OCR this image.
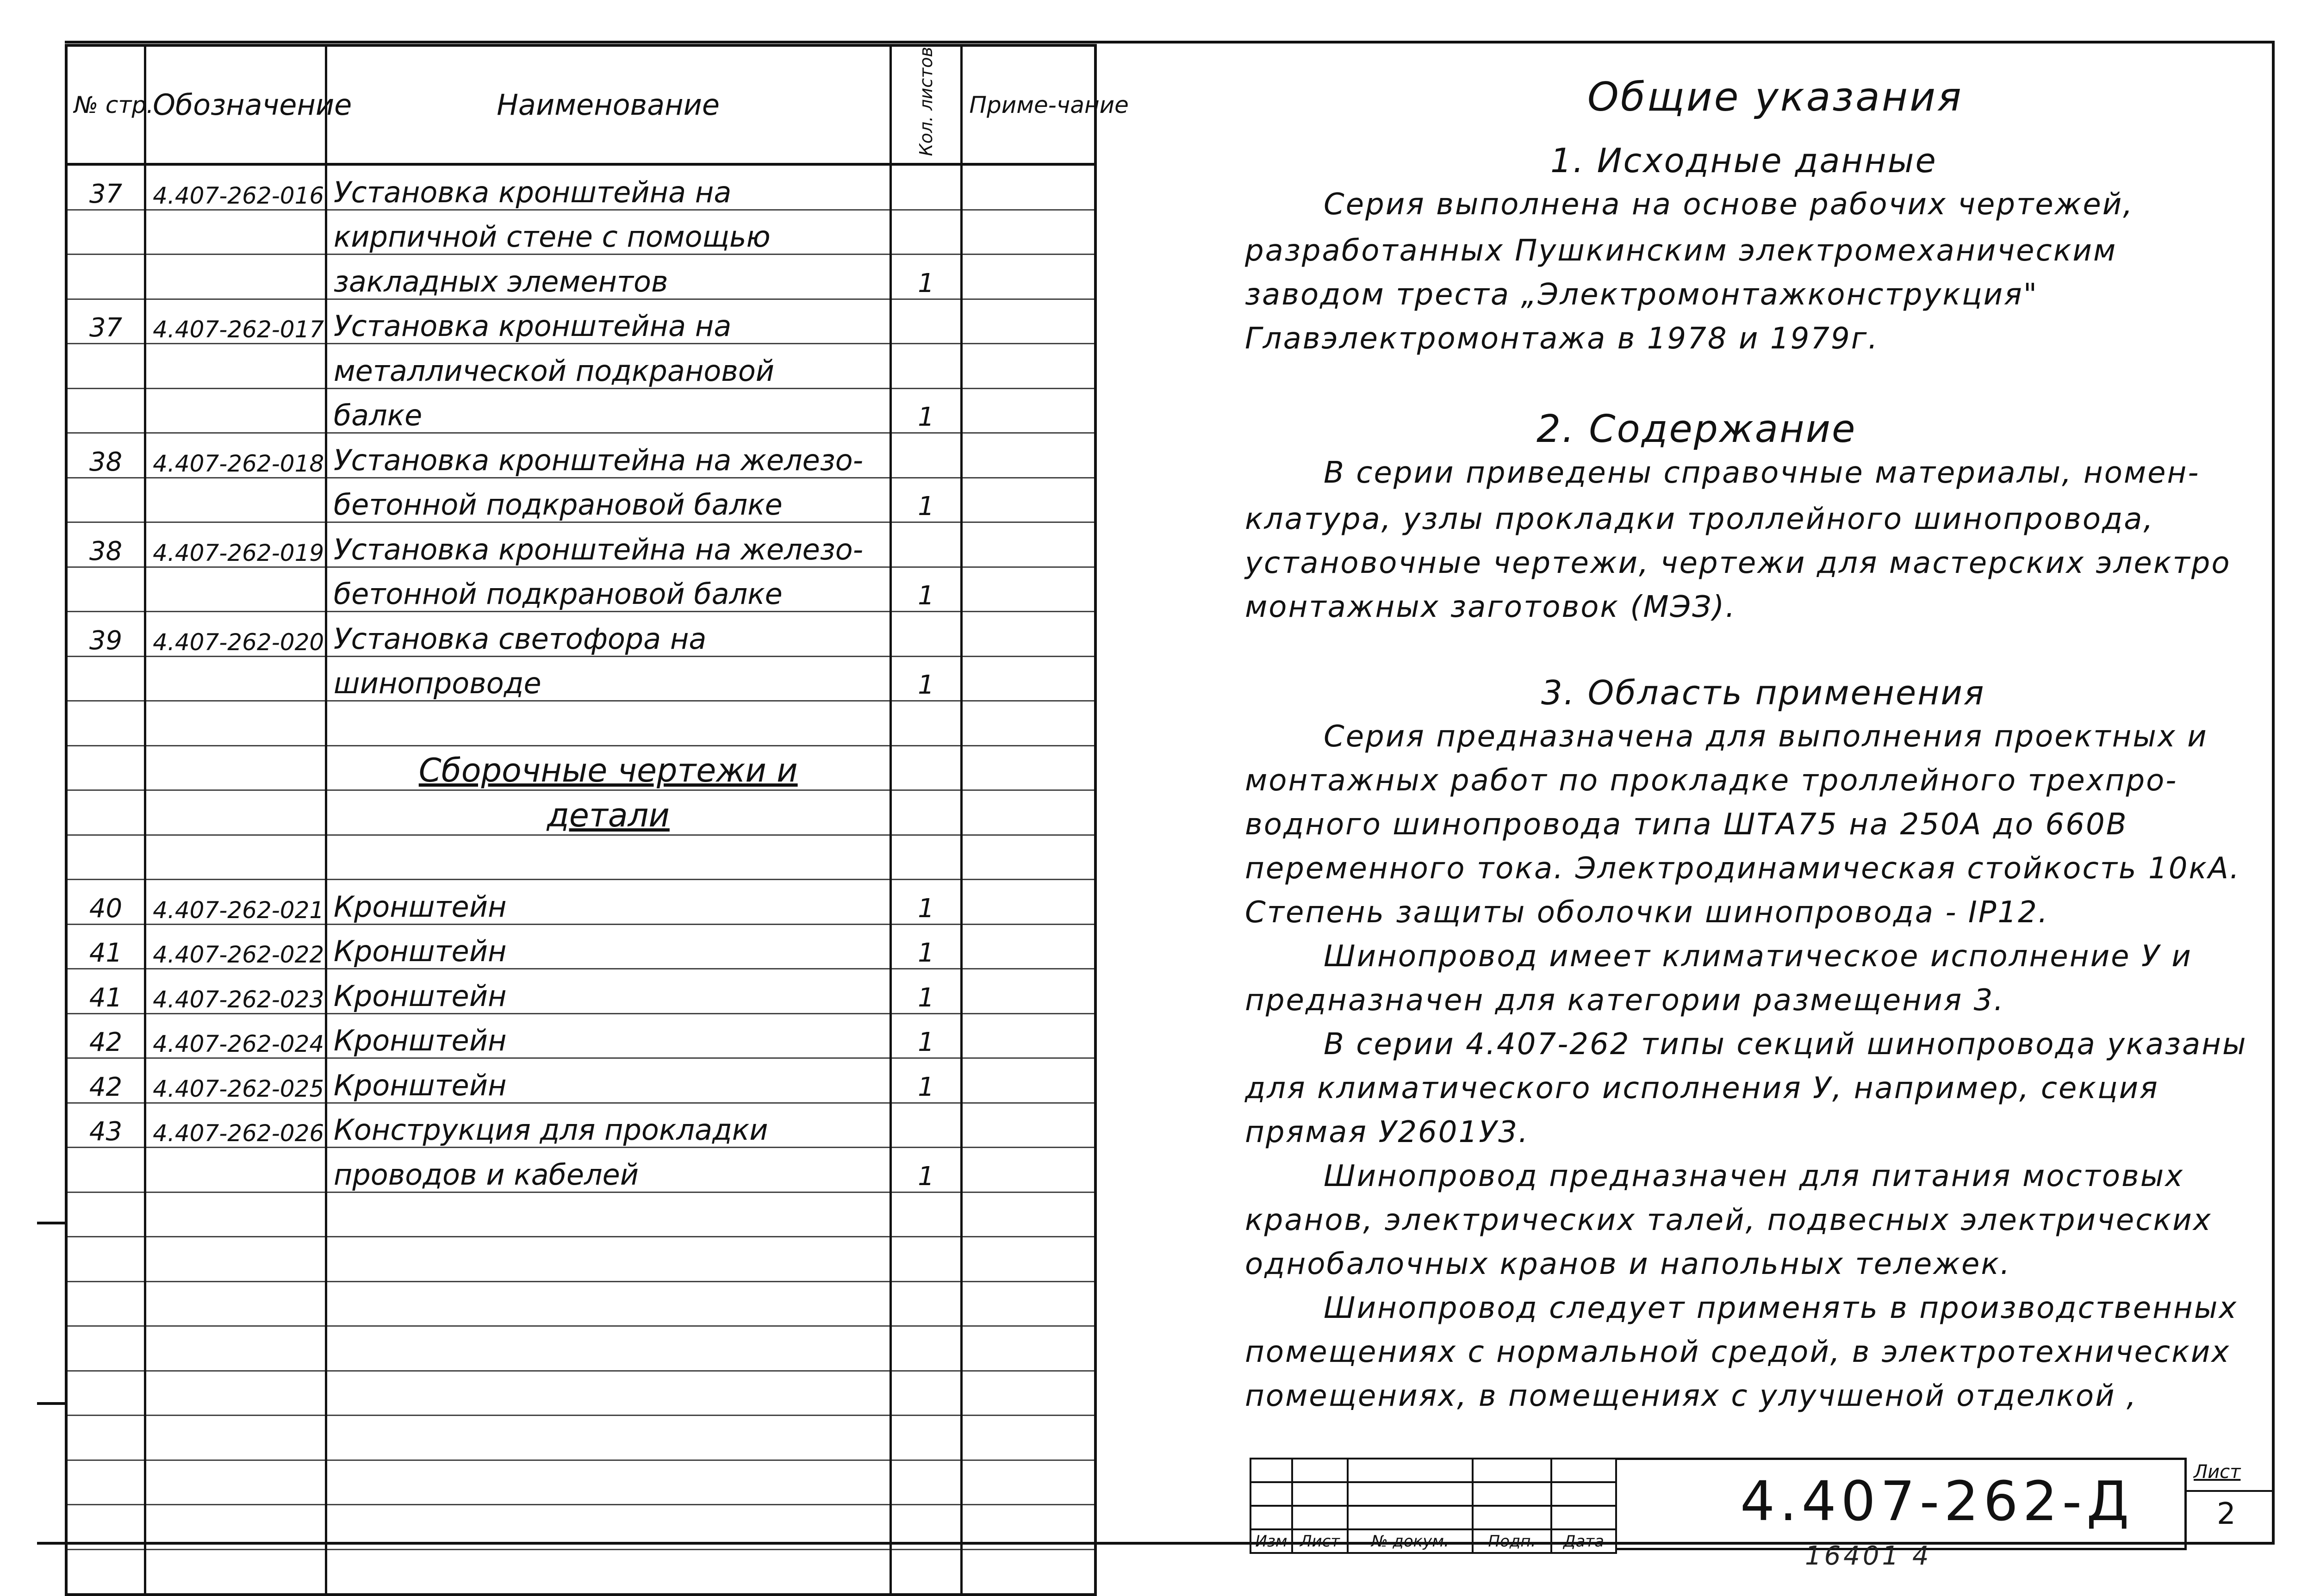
№ стр.	Обозначение	Наименование	Кол. листов	Приме-чание
37	4.407-262-016	Установка кронштейна на		
		кирпичной стене с помощью		
		закладных элементов	1	
37	4.407-262-017	Установка кронштейна на		
		металлической подкрановой		
		балке	1	
38	4.407-262-018	Установка кронштейна на железо-		
		бетонной подкрановой балке	1	
38	4.407-262-019	Установка кронштейна на железо-		
		бетонной подкрановой балке	1	
39	4.407-262-020	Установка светофора на		
		шинопроводе	1	

		Сборочные чертежи и		
		детали		

40	4.407-262-021	Кронштейн	1	
41	4.407-262-022	Кронштейн	1	
41	4.407-262-023	Кронштейн	1	
42	4.407-262-024	Кронштейн	1	
42	4.407-262-025	Кронштейн	1	
43	4.407-262-026	Конструкция для прокладки		
		проводов и кабелей	1	

Общие указания
1. Исходные данные
Серия выполнена на основе рабочих чертежей,
разработанных Пушкинским электромеханическим
заводом треста „Электромонтажконструкция"
Главэлектромонтажа в 1978 и 1979г.
2. Содержание
В серии приведены справочные материалы, номен-
клатура, узлы прокладки троллейного шинопровода,
установочные чертежи, чертежи для мастерских электро
монтажных заготовок (МЭЗ).
3. Область применения
Серия предназначена для выполнения проектных и
монтажных работ по прокладке троллейного трехпро-
водного шинопровода типа ШТА75 на 250А до 660В
переменного тока. Электродинамическая стойкость 10кА.
Степень защиты оболочки шинопровода - IP12.
Шинопровод имеет климатическое исполнение У и
предназначен для категории размещения 3.
В серии 4.407-262 типы секций шинопровода указаны
для климатического исполнения У, например, секция
прямая У2601У3.
Шинопровод предназначен для питания мостовых
кранов, электрических талей, подвесных электрических
однобалочных кранов и напольных тележек.
Шинопровод следует применять в производственных
помещениях с нормальной средой, в электротехнических
помещениях, в помещениях с улучшеной отделкой ,

Изм	Лист	№ докум.	Подп.	Дата
4.407-262-Д	Лист
2
16401 4
